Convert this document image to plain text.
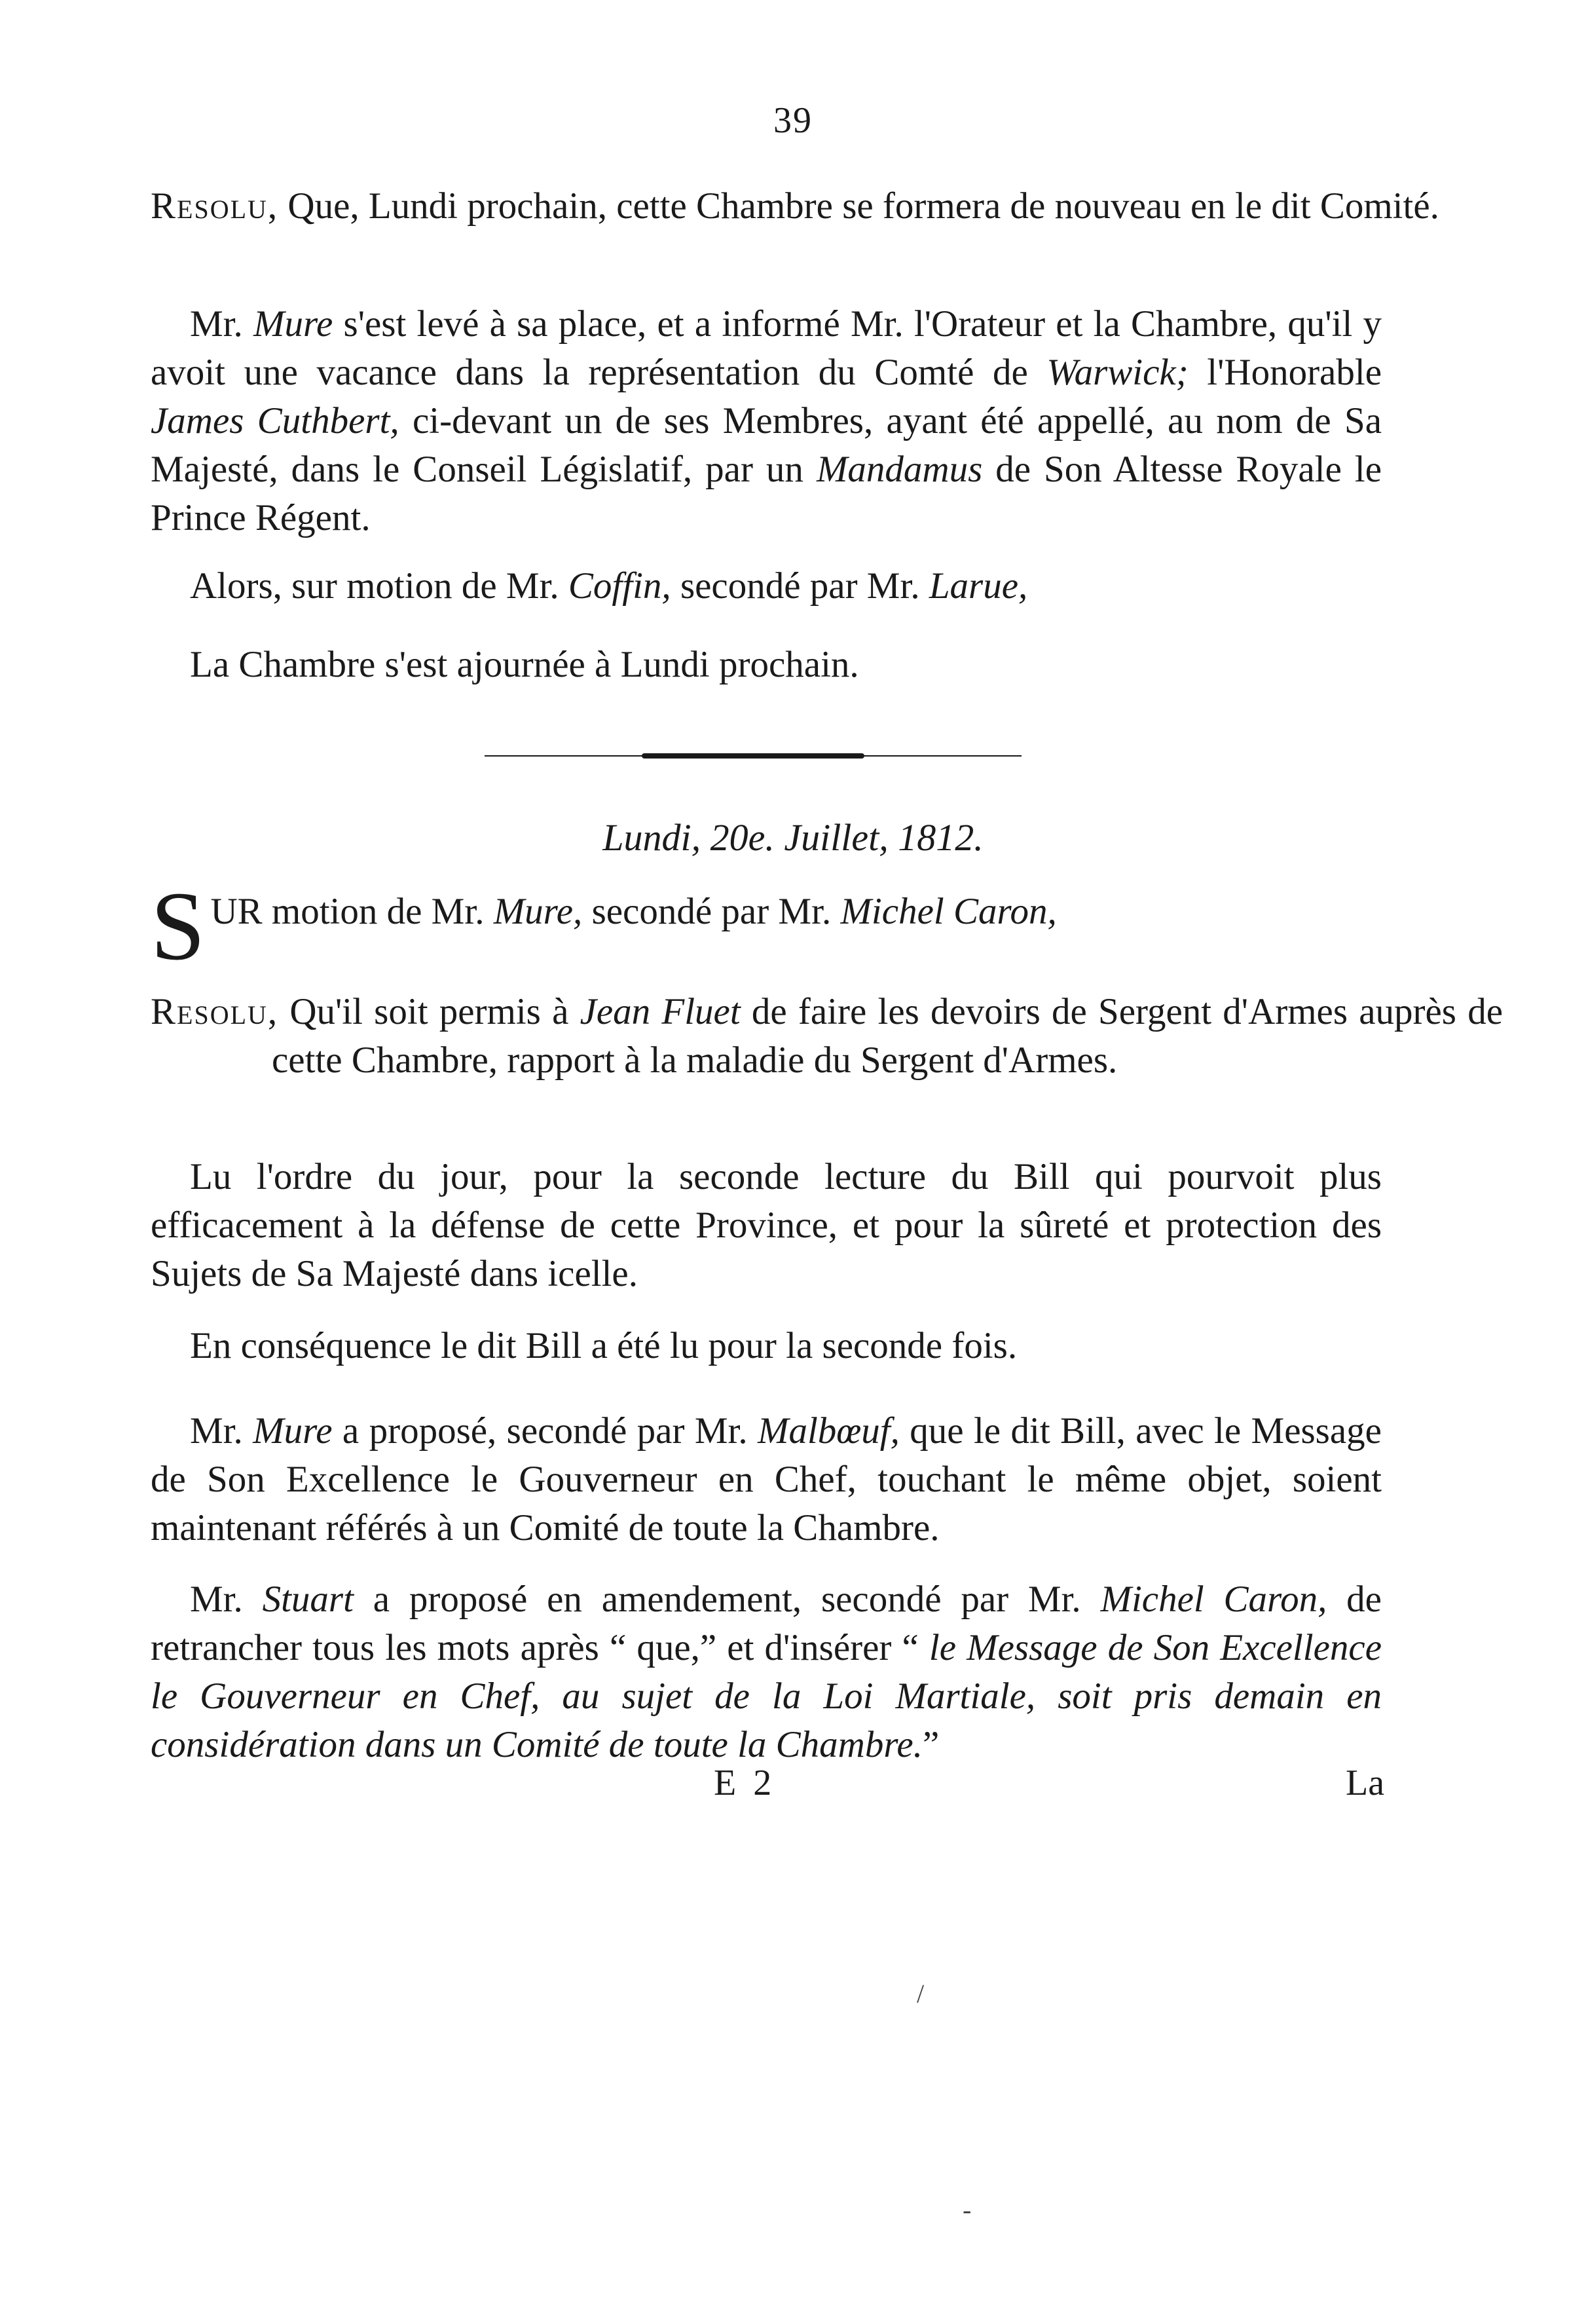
39
Resolu, Que, Lundi prochain, cette Chambre se formera de nouveau en le dit Comité.
Mr. Mure s'est levé à sa place, et a informé Mr. l'Orateur et la Chambre, qu'il y avoit une vacance dans la représentation du Comté de Warwick; l'Honorable James Cuthbert, ci-devant un de ses Membres, ayant été appellé, au nom de Sa Majesté, dans le Conseil Législatif, par un Mandamus de Son Altesse Royale le Prince Régent.
Alors, sur motion de Mr. Coffin, secondé par Mr. Larue,
La Chambre s'est ajournée à Lundi prochain.
Lundi, 20e. Juillet, 1812.
S UR motion de Mr. Mure, secondé par Mr. Michel Caron,
Resolu, Qu'il soit permis à Jean Fluet de faire les devoirs de Sergent d'Armes auprès de cette Chambre, rapport à la maladie du Sergent d'Armes.
Lu l'ordre du jour, pour la seconde lecture du Bill qui pourvoit plus efficacement à la défense de cette Province, et pour la sûreté et protection des Sujets de Sa Majesté dans icelle.
En conséquence le dit Bill a été lu pour la seconde fois.
Mr. Mure a proposé, secondé par Mr. Malbœuf, que le dit Bill, avec le Message de Son Excellence le Gouverneur en Chef, touchant le même objet, soient maintenant référés à un Comité de toute la Chambre.
Mr. Stuart a proposé en amendement, secondé par Mr. Michel Caron, de retrancher tous les mots après “ que,” et d'insérer “ le Message de Son Excellence le Gouverneur en Chef, au sujet de la Loi Martiale, soit pris demain en considération dans un Comité de toute la Chambre.”
E 2	La
/
-
